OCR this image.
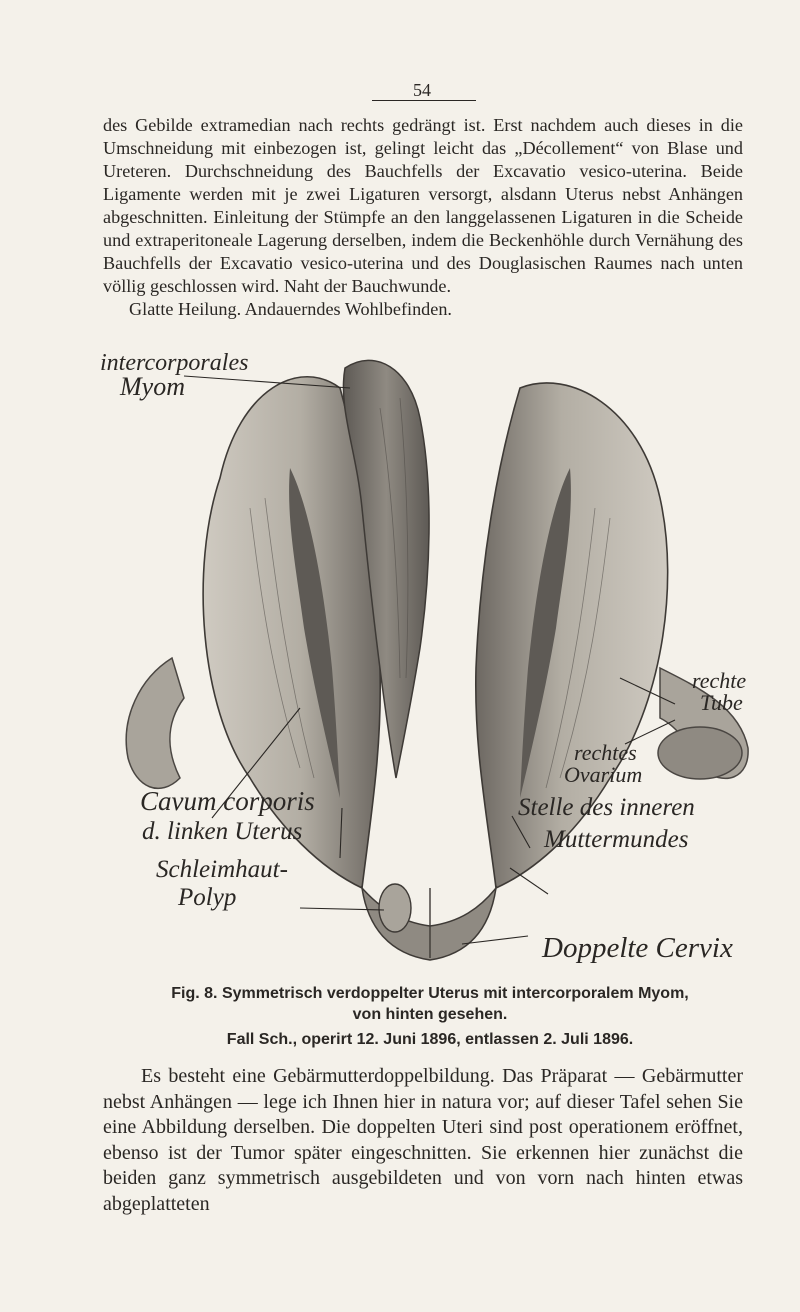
54

des Gebilde extramedian nach rechts gedrängt ist. Erst nachdem auch dieses in die Umschneidung mit einbezogen ist, gelingt leicht das „Décollement“ von Blase und Ureteren. Durchschneidung des Bauchfells der Excavatio vesico-uterina. Beide Ligamente werden mit je zwei Ligaturen versorgt, alsdann Uterus nebst Anhängen abgeschnitten. Einleitung der Stümpfe an den langgelassenen Ligaturen in die Scheide und extraperitoneale Lagerung derselben, indem die Beckenhöhle durch Vernähung des Bauchfells der Excavatio vesico-uterina und des Douglasischen Raumes nach unten völlig geschlossen wird. Naht der Bauchwunde.

Glatte Heilung. Andauerndes Wohlbefinden.

intercorporales
Myom
rechte
Tube
rechtes
Ovarium
Cavum corporis
d. linken Uterus
Stelle des inneren
Muttermundes
Schleimhaut-
Polyp
Doppelte Cervix
Fig. 8. Symmetrisch verdoppelter Uterus mit intercorporalem Myom,
von hinten gesehen.
Fall Sch., operirt 12. Juni 1896, entlassen 2. Juli 1896.

Es besteht eine Gebärmutterdoppelbildung. Das Präparat — Gebärmutter nebst Anhängen — lege ich Ihnen hier in natura vor; auf dieser Tafel sehen Sie eine Abbildung derselben. Die doppelten Uteri sind post operationem eröffnet, ebenso ist der Tumor später eingeschnitten. Sie erkennen hier zunächst die beiden ganz symmetrisch ausgebildeten und von vorn nach hinten etwas abgeplatteten
